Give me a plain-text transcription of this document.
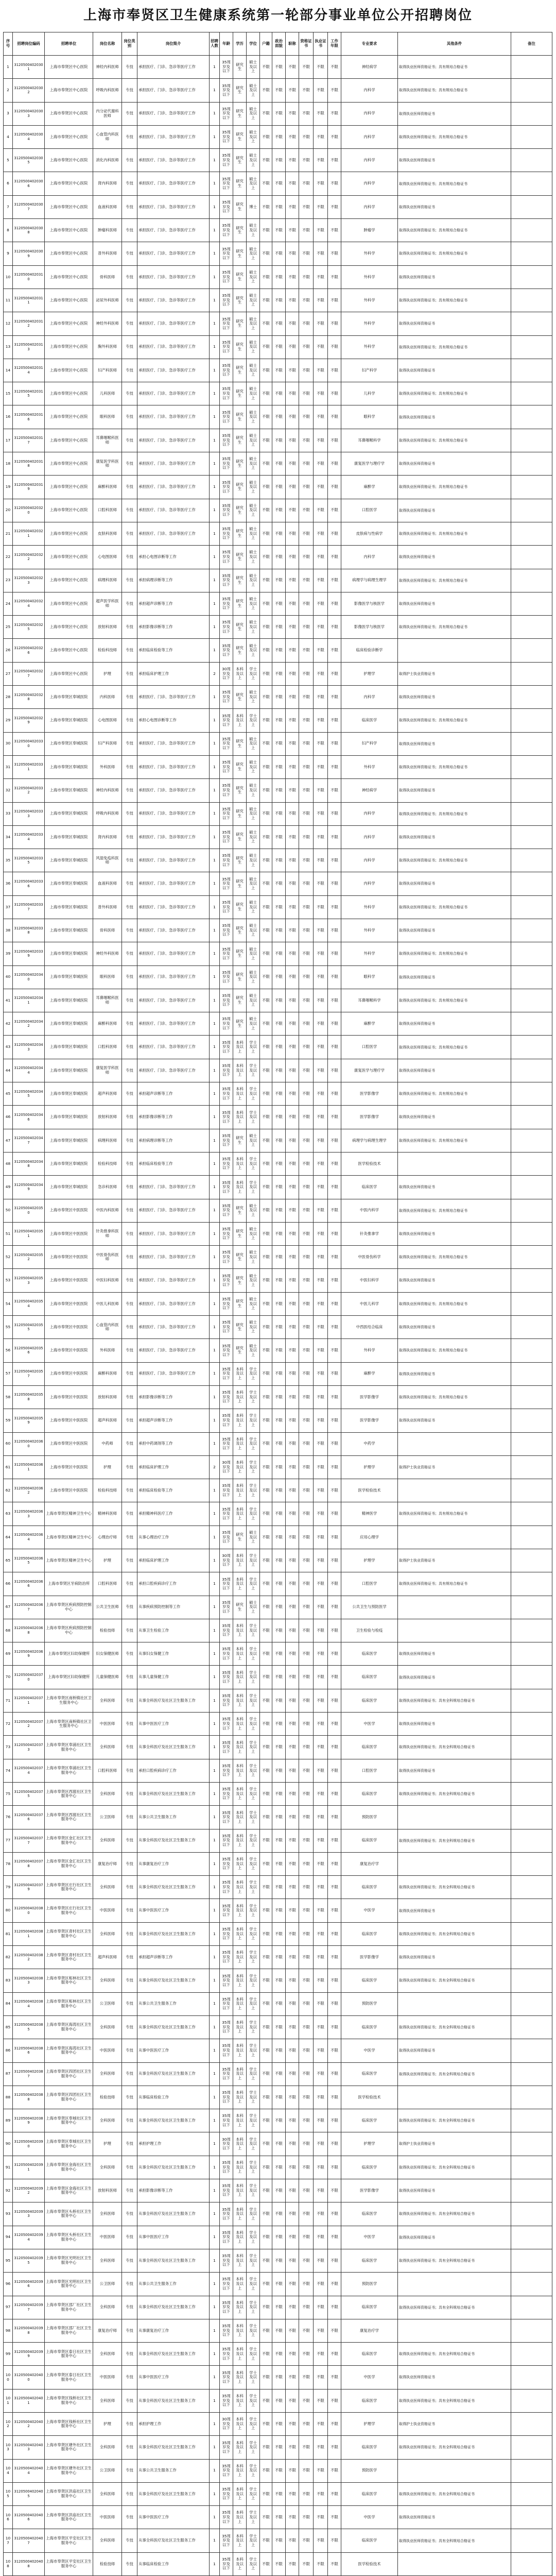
上海市奉贤区卫生健康系统第一轮部分事业单位公开招聘岗位
序号	招聘岗位编码	招聘单位	岗位名称	岗位类别	岗位简介	招聘人数	年龄	学历	学位	户籍	政治面貌	职称	资格证书	执业证书	工作年限	专业要求	其他条件	备注
1	31205004020301	上海市奉贤区中心医院	神经内科医师	专技	承担医疗、门诊、急诊等医疗工作	1	35周岁及以下	研究生	硕士及以上	不限	不限	不限	不限	不限	不限	神经病学	取得执业医师资格证书；具有规培合格证书	
2	31205004020302	上海市奉贤区中心医院	呼吸内科医师	专技	承担医疗、门诊、急诊等医疗工作	1	35周岁及以下	研究生	硕士及以上	不限	不限	不限	不限	不限	不限	内科学	取得执业医师资格证书；具有规培合格证书	
3	31205004020303	上海市奉贤区中心医院	内分泌代谢科医师	专技	承担医疗、门诊、急诊等医疗工作	1	35周岁及以下	研究生	硕士及以上	不限	不限	不限	不限	不限	不限	内科学	取得执业医师资格证书	
4	31205004020304	上海市奉贤区中心医院	心血管内科医师	专技	承担医疗、门诊、急诊等医疗工作	1	35周岁及以下	研究生	硕士及以上	不限	不限	不限	不限	不限	不限	内科学	取得执业医师资格证书；具有规培合格证书	
5	31205004020305	上海市奉贤区中心医院	消化内科医师	专技	承担医疗、门诊、急诊等医疗工作	1	35周岁及以下	研究生	硕士及以上	不限	不限	不限	不限	不限	不限	内科学	取得执业医师资格证书	
6	31205004020306	上海市奉贤区中心医院	肾内科医师	专技	承担医疗、门诊、急诊等医疗工作	1	35周岁及以下	研究生	硕士及以上	不限	不限	不限	不限	不限	不限	内科学	取得执业医师资格证书；具有规培合格证书	
7	31205004020307	上海市奉贤区中心医院	血液科医师	专技	承担医疗、门诊、急诊等医疗工作	1	35周岁及以下	研究生	博士	不限	不限	不限	不限	不限	不限	内科学	取得执业医师资格证书	
8	31205004020308	上海市奉贤区中心医院	肿瘤科医师	专技	承担医疗、门诊、急诊等医疗工作	1	35周岁及以下	研究生	硕士及以上	不限	不限	不限	不限	不限	不限	肿瘤学	取得执业医师资格证书；具有规培合格证书	
9	31205004020309	上海市奉贤区中心医院	普外科医师	专技	承担医疗、门诊、急诊等医疗工作	1	35周岁及以下	研究生	硕士及以上	不限	不限	不限	不限	不限	不限	外科学	取得执业医师资格证书；具有规培合格证书	
10	31205004020310	上海市奉贤区中心医院	骨科医师	专技	承担医疗、门诊、急诊等医疗工作	1	35周岁及以下	研究生	硕士及以上	不限	不限	不限	不限	不限	不限	外科学	取得执业医师资格证书	
11	31205004020311	上海市奉贤区中心医院	泌尿外科医师	专技	承担医疗、门诊、急诊等医疗工作	1	35周岁及以下	研究生	硕士及以上	不限	不限	不限	不限	不限	不限	外科学	取得执业医师资格证书；具有规培合格证书	
12	31205004020312	上海市奉贤区中心医院	神经外科医师	专技	承担医疗、门诊、急诊等医疗工作	1	35周岁及以下	研究生	硕士及以上	不限	不限	不限	不限	不限	不限	外科学	取得执业医师资格证书	
13	31205004020313	上海市奉贤区中心医院	胸外科医师	专技	承担医疗、门诊、急诊等医疗工作	1	35周岁及以下	研究生	硕士及以上	不限	不限	不限	不限	不限	不限	外科学	取得执业医师资格证书；具有规培合格证书	
14	31205004020314	上海市奉贤区中心医院	妇产科医师	专技	承担医疗、门诊、急诊等医疗工作	1	35周岁及以下	研究生	硕士及以上	不限	不限	不限	不限	不限	不限	妇产科学	取得执业医师资格证书	
15	31205004020315	上海市奉贤区中心医院	儿科医师	专技	承担医疗、门诊、急诊等医疗工作	1	35周岁及以下	研究生	硕士及以上	不限	不限	不限	不限	不限	不限	儿科学	取得执业医师资格证书；具有规培合格证书	
16	31205004020316	上海市奉贤区中心医院	眼科医师	专技	承担医疗、门诊、急诊等医疗工作	1	35周岁及以下	研究生	硕士及以上	不限	不限	不限	不限	不限	不限	眼科学	取得执业医师资格证书	
17	31205004020317	上海市奉贤区中心医院	耳鼻咽喉科医师	专技	承担医疗、门诊、急诊等医疗工作	1	35周岁及以下	研究生	硕士及以上	不限	不限	不限	不限	不限	不限	耳鼻咽喉科学	取得执业医师资格证书；具有规培合格证书	
18	31205004020318	上海市奉贤区中心医院	康复医学科医师	专技	承担医疗、门诊、急诊等医疗工作	1	35周岁及以下	研究生	硕士及以上	不限	不限	不限	不限	不限	不限	康复医学与理疗学	取得执业医师资格证书	
19	31205004020319	上海市奉贤区中心医院	麻醉科医师	专技	承担医疗、门诊、急诊等医疗工作	1	35周岁及以下	研究生	硕士及以上	不限	不限	不限	不限	不限	不限	麻醉学	取得执业医师资格证书；具有规培合格证书	
20	31205004020320	上海市奉贤区中心医院	口腔科医师	专技	承担医疗、门诊、急诊等医疗工作	1	35周岁及以下	研究生	硕士及以上	不限	不限	不限	不限	不限	不限	口腔医学	取得执业医师资格证书	
21	31205004020321	上海市奉贤区中心医院	皮肤科医师	专技	承担医疗、门诊、急诊等医疗工作	1	35周岁及以下	研究生	硕士及以上	不限	不限	不限	不限	不限	不限	皮肤病与性病学	取得执业医师资格证书；具有规培合格证书	
22	31205004020322	上海市奉贤区中心医院	心电图医师	专技	承担心电图诊断等工作	1	35周岁及以下	研究生	硕士及以上	不限	不限	不限	不限	不限	不限	内科学	取得执业医师资格证书	
23	31205004020323	上海市奉贤区中心医院	病理科医师	专技	承担病理诊断等工作	1	35周岁及以下	研究生	硕士及以上	不限	不限	不限	不限	不限	不限	病理学与病理生理学	取得执业医师资格证书；具有规培合格证书	
24	31205004020324	上海市奉贤区中心医院	超声医学科医师	专技	承担超声诊断等工作	1	35周岁及以下	研究生	硕士及以上	不限	不限	不限	不限	不限	不限	影像医学与核医学	取得执业医师资格证书	
25	31205004020325	上海市奉贤区中心医院	放射科医师	专技	承担影像诊断等工作	1	35周岁及以下	研究生	硕士及以上	不限	不限	不限	不限	不限	不限	影像医学与核医学	取得执业医师资格证书；具有规培合格证书	
26	31205004020326	上海市奉贤区中心医院	检验科技师	专技	承担临床检验等工作	1	35周岁及以下	研究生	硕士及以上	不限	不限	不限	不限	不限	不限	临床检验诊断学		
27	31205004020327	上海市奉贤区中心医院	护理	专技	承担临床护理工作	2	30周岁及以下	本科及以上	学士及以上	不限	不限	不限	不限	不限	不限	护理学	取得护士执业资格证书	
28	31205004020328	上海市奉贤区奉城医院	内科医师	专技	承担医疗、门诊、急诊等医疗工作	1	35周岁及以下	研究生	硕士及以上	不限	不限	不限	不限	不限	不限	内科学	取得执业医师资格证书	
29	31205004020329	上海市奉贤区奉城医院	心电图医师	专技	承担心电图诊断等工作	1	35周岁及以下	本科及以上	学士及以上	不限	不限	不限	不限	不限	不限	临床医学	取得执业医师资格证书；具有规培合格证书	
30	31205004020330	上海市奉贤区奉城医院	妇产科医师	专技	承担医疗、门诊、急诊等医疗工作	1	35周岁及以下	研究生	硕士及以上	不限	不限	不限	不限	不限	不限	妇产科学	取得执业医师资格证书	
31	31205004020331	上海市奉贤区奉城医院	外科医师	专技	承担医疗、门诊、急诊等医疗工作	1	35周岁及以下	研究生	硕士及以上	不限	不限	不限	不限	不限	不限	外科学	取得执业医师资格证书；具有规培合格证书	
32	31205004020332	上海市奉贤区奉城医院	神经内科医师	专技	承担医疗、门诊、急诊等医疗工作	1	35周岁及以下	研究生	硕士及以上	不限	不限	不限	不限	不限	不限	神经病学	取得执业医师资格证书	
33	31205004020333	上海市奉贤区奉城医院	呼吸内科医师	专技	承担医疗、门诊、急诊等医疗工作	1	35周岁及以下	研究生	硕士及以上	不限	不限	不限	不限	不限	不限	内科学	取得执业医师资格证书；具有规培合格证书	
34	31205004020334	上海市奉贤区奉城医院	肾内科医师	专技	承担医疗、门诊、急诊等医疗工作	1	35周岁及以下	研究生	硕士及以上	不限	不限	不限	不限	不限	不限	内科学	取得执业医师资格证书	
35	31205004020335	上海市奉贤区奉城医院	风湿免疫科医师	专技	承担医疗、门诊、急诊等医疗工作	1	35周岁及以下	研究生	硕士及以上	不限	不限	不限	不限	不限	不限	内科学	取得执业医师资格证书；具有规培合格证书	
36	31205004020336	上海市奉贤区奉城医院	血液科医师	专技	承担医疗、门诊、急诊等医疗工作	1	35周岁及以下	研究生	硕士及以上	不限	不限	不限	不限	不限	不限	内科学	取得执业医师资格证书	
37	31205004020337	上海市奉贤区奉城医院	普外科医师	专技	承担医疗、门诊、急诊等医疗工作	1	35周岁及以下	研究生	硕士及以上	不限	不限	不限	不限	不限	不限	外科学	取得执业医师资格证书；具有规培合格证书	
38	31205004020338	上海市奉贤区奉城医院	骨科医师	专技	承担医疗、门诊、急诊等医疗工作	1	35周岁及以下	研究生	硕士及以上	不限	不限	不限	不限	不限	不限	外科学	取得执业医师资格证书	
39	31205004020339	上海市奉贤区奉城医院	神经外科医师	专技	承担医疗、门诊、急诊等医疗工作	1	35周岁及以下	研究生	硕士及以上	不限	不限	不限	不限	不限	不限	外科学	取得执业医师资格证书；具有规培合格证书	
40	31205004020340	上海市奉贤区奉城医院	眼科医师	专技	承担医疗、门诊、急诊等医疗工作	1	35周岁及以下	研究生	硕士及以上	不限	不限	不限	不限	不限	不限	眼科学	取得执业医师资格证书	
41	31205004020341	上海市奉贤区奉城医院	耳鼻咽喉科医师	专技	承担医疗、门诊、急诊等医疗工作	1	35周岁及以下	研究生	硕士及以上	不限	不限	不限	不限	不限	不限	耳鼻咽喉科学	取得执业医师资格证书；具有规培合格证书	
42	31205004020342	上海市奉贤区奉城医院	麻醉科医师	专技	承担医疗、门诊、急诊等医疗工作	1	35周岁及以下	研究生	硕士及以上	不限	不限	不限	不限	不限	不限	麻醉学	取得执业医师资格证书	
43	31205004020343	上海市奉贤区奉城医院	口腔科医师	专技	承担医疗、门诊、急诊等医疗工作	1	35周岁及以下	本科及以上	学士及以上	不限	不限	不限	不限	不限	不限	口腔医学	取得执业医师资格证书；具有规培合格证书	
44	31205004020344	上海市奉贤区奉城医院	康复医学科医师	专技	承担医疗、门诊、急诊等医疗工作	1	35周岁及以下	本科及以上	学士及以上	不限	不限	不限	不限	不限	不限	康复医学与理疗学	取得执业医师资格证书	
45	31205004020345	上海市奉贤区奉城医院	超声科医师	专技	承担超声诊断等工作	1	35周岁及以下	本科及以上	学士及以上	不限	不限	不限	不限	不限	不限	医学影像学	取得执业医师资格证书；具有规培合格证书	
46	31205004020346	上海市奉贤区奉城医院	放射科医师	专技	承担影像诊断等工作	1	35周岁及以下	本科及以上	学士及以上	不限	不限	不限	不限	不限	不限	医学影像学	取得执业医师资格证书	
47	31205004020347	上海市奉贤区奉城医院	病理科医师	专技	承担病理诊断等工作	1	35周岁及以下	研究生	硕士及以上	不限	不限	不限	不限	不限	不限	病理学与病理生理学	取得执业医师资格证书；具有规培合格证书	
48	31205004020348	上海市奉贤区奉城医院	检验科技师	专技	承担临床检验等工作	1	35周岁及以下	本科及以上	学士及以上	不限	不限	不限	不限	不限	不限	医学检验技术		
49	31205004020349	上海市奉贤区奉城医院	急诊科医师	专技	承担医疗、门诊、急诊等医疗工作	1	35周岁及以下	本科及以上	学士及以上	不限	不限	不限	不限	不限	不限	临床医学	取得执业医师资格证书	
50	31205004020350	上海市奉贤区中医医院	中医内科医师	专技	承担医疗、门诊、急诊等医疗工作	1	35周岁及以下	研究生	硕士及以上	不限	不限	不限	不限	不限	不限	中医内科学	取得执业医师资格证书；具有规培合格证书	
51	31205004020351	上海市奉贤区中医医院	针灸推拿科医师	专技	承担医疗、门诊、急诊等医疗工作	1	35周岁及以下	研究生	硕士及以上	不限	不限	不限	不限	不限	不限	针灸推拿学	取得执业医师资格证书	
52	31205004020352	上海市奉贤区中医医院	中医骨伤科医师	专技	承担医疗、门诊、急诊等医疗工作	1	35周岁及以下	研究生	硕士及以上	不限	不限	不限	不限	不限	不限	中医骨伤科学	取得执业医师资格证书；具有规培合格证书	
53	31205004020353	上海市奉贤区中医医院	中医妇科医师	专技	承担医疗、门诊、急诊等医疗工作	1	35周岁及以下	研究生	硕士及以上	不限	不限	不限	不限	不限	不限	中医妇科学	取得执业医师资格证书	
54	31205004020354	上海市奉贤区中医医院	中医儿科医师	专技	承担医疗、门诊、急诊等医疗工作	1	35周岁及以下	研究生	硕士及以上	不限	不限	不限	不限	不限	不限	中医儿科学	取得执业医师资格证书；具有规培合格证书	
55	31205004020355	上海市奉贤区中医医院	心血管内科医师	专技	承担医疗、门诊、急诊等医疗工作	1	35周岁及以下	研究生	硕士及以上	不限	不限	不限	不限	不限	不限	中西医结合临床	取得执业医师资格证书	
56	31205004020356	上海市奉贤区中医医院	外科医师	专技	承担医疗、门诊、急诊等医疗工作	1	35周岁及以下	研究生	硕士及以上	不限	不限	不限	不限	不限	不限	外科学	取得执业医师资格证书；具有规培合格证书	
57	31205004020357	上海市奉贤区中医医院	麻醉科医师	专技	承担医疗、门诊、急诊等医疗工作	1	35周岁及以下	本科及以上	学士及以上	不限	不限	不限	不限	不限	不限	麻醉学	取得执业医师资格证书	
58	31205004020358	上海市奉贤区中医医院	放射科医师	专技	承担影像诊断等工作	1	35周岁及以下	本科及以上	学士及以上	不限	不限	不限	不限	不限	不限	医学影像学	取得执业医师资格证书；具有规培合格证书	
59	31205004020359	上海市奉贤区中医医院	超声科医师	专技	承担超声诊断等工作	1	35周岁及以下	本科及以上	学士及以上	不限	不限	不限	不限	不限	不限	医学影像学	取得执业医师资格证书	
60	31205004020360	上海市奉贤区中医医院	中药师	专技	承担中药调剂等工作	1	35周岁及以下	本科及以上	学士及以上	不限	不限	不限	不限	不限	不限	中药学		
61	31205004020361	上海市奉贤区中医医院	护理	专技	承担临床护理工作	2	30周岁及以下	本科及以上	学士及以上	不限	不限	不限	不限	不限	不限	护理学	取得护士执业资格证书	
62	31205004020362	上海市奉贤区中医医院	检验科技师	专技	承担临床检验等工作	1	35周岁及以下	本科及以上	学士及以上	不限	不限	不限	不限	不限	不限	医学检验技术		
63	31205004020363	上海市奉贤区精神卫生中心	精神科医师	专技	承担精神科医疗工作	1	35周岁及以下	本科及以上	学士及以上	不限	不限	不限	不限	不限	不限	精神医学	取得执业医师资格证书；具有规培合格证书	
64	31205004020364	上海市奉贤区精神卫生中心	心理治疗师	专技	从事心理治疗工作	1	35周岁及以下	研究生	硕士及以上	不限	不限	不限	不限	不限	不限	应用心理学		
65	31205004020365	上海市奉贤区精神卫生中心	护理	专技	承担临床护理工作	1	30周岁及以下	本科及以上	学士及以上	不限	不限	不限	不限	不限	不限	护理学	取得护士执业资格证书	
66	31205004020366	上海市奉贤区牙病防治所	口腔科医师	专技	承担口腔疾病诊疗工作	1	35周岁及以下	本科及以上	学士及以上	不限	不限	不限	不限	不限	不限	口腔医学	取得执业医师资格证书；具有规培合格证书	
67	31205004020367	上海市奉贤区疾病预防控制中心	公共卫生医师	专技	从事疾病预防控制等工作	1	35周岁及以下	研究生	硕士及以上	不限	不限	不限	不限	不限	不限	公共卫生与预防医学		
68	31205004020368	上海市奉贤区疾病预防控制中心	检验技师	专技	从事卫生检验工作	1	35周岁及以下	本科及以上	学士及以上	不限	不限	不限	不限	不限	不限	卫生检验与检疫		
69	31205004020369	上海市奉贤区妇幼保健所	妇女保健医师	专技	从事妇女保健工作	1	35周岁及以下	本科及以上	学士及以上	不限	不限	不限	不限	不限	不限	临床医学	取得执业医师资格证书	
70	31205004020370	上海市奉贤区妇幼保健所	儿童保健医师	专技	从事儿童保健工作	1	35周岁及以下	本科及以上	学士及以上	不限	不限	不限	不限	不限	不限	临床医学	取得执业医师资格证书	
71	31205004020371	上海市奉贤区南桥镇社区卫生服务中心	全科医师	专技	从事全科医疗及社区卫生服务工作	1	35周岁及以下	本科及以上	学士及以上	不限	不限	不限	不限	不限	不限	临床医学	取得执业医师资格证书；具有全科规培合格证书	
72	31205004020372	上海市奉贤区南桥镇社区卫生服务中心	中医医师	专技	从事中医医疗工作	1	35周岁及以下	本科及以上	学士及以上	不限	不限	不限	不限	不限	不限	中医学	取得执业医师资格证书	
73	31205004020373	上海市奉贤区奉浦社区卫生服务中心	全科医师	专技	从事全科医疗及社区卫生服务工作	1	35周岁及以下	本科及以上	学士及以上	不限	不限	不限	不限	不限	不限	临床医学	取得执业医师资格证书；具有全科规培合格证书	
74	31205004020374	上海市奉贤区奉浦社区卫生服务中心	口腔科医师	专技	承担口腔疾病诊疗工作	1	35周岁及以下	本科及以上	学士及以上	不限	不限	不限	不限	不限	不限	口腔医学	取得执业医师资格证书	
75	31205004020375	上海市奉贤区西渡社区卫生服务中心	全科医师	专技	从事全科医疗及社区卫生服务工作	1	35周岁及以下	本科及以上	学士及以上	不限	不限	不限	不限	不限	不限	临床医学	取得执业医师资格证书；具有全科规培合格证书	
76	31205004020376	上海市奉贤区西渡社区卫生服务中心	公卫医师	专技	从事公共卫生服务工作	1	35周岁及以下	本科及以上	学士及以上	不限	不限	不限	不限	不限	不限	预防医学		
77	31205004020377	上海市奉贤区金汇社区卫生服务中心	全科医师	专技	从事全科医疗及社区卫生服务工作	1	35周岁及以下	本科及以上	学士及以上	不限	不限	不限	不限	不限	不限	临床医学	取得执业医师资格证书；具有全科规培合格证书	
78	31205004020378	上海市奉贤区金汇社区卫生服务中心	康复治疗师	专技	从事康复治疗工作	1	35周岁及以下	本科及以上	学士及以上	不限	不限	不限	不限	不限	不限	康复治疗学		
79	31205004020379	上海市奉贤区庄行社区卫生服务中心	全科医师	专技	从事全科医疗及社区卫生服务工作	1	35周岁及以下	本科及以上	学士及以上	不限	不限	不限	不限	不限	不限	临床医学	取得执业医师资格证书；具有全科规培合格证书	
80	31205004020380	上海市奉贤区庄行社区卫生服务中心	中医医师	专技	从事中医医疗工作	1	35周岁及以下	本科及以上	学士及以上	不限	不限	不限	不限	不限	不限	中医学	取得执业医师资格证书	
81	31205004020381	上海市奉贤区青村社区卫生服务中心	全科医师	专技	从事全科医疗及社区卫生服务工作	1	35周岁及以下	本科及以上	学士及以上	不限	不限	不限	不限	不限	不限	临床医学	取得执业医师资格证书；具有全科规培合格证书	
82	31205004020382	上海市奉贤区青村社区卫生服务中心	超声科医师	专技	承担超声诊断等工作	1	35周岁及以下	本科及以上	学士及以上	不限	不限	不限	不限	不限	不限	医学影像学	取得执业医师资格证书	
83	31205004020383	上海市奉贤区柘林社区卫生服务中心	全科医师	专技	从事全科医疗及社区卫生服务工作	1	35周岁及以下	本科及以上	学士及以上	不限	不限	不限	不限	不限	不限	临床医学	取得执业医师资格证书；具有全科规培合格证书	
84	31205004020384	上海市奉贤区柘林社区卫生服务中心	公卫医师	专技	从事公共卫生服务工作	1	35周岁及以下	本科及以上	学士及以上	不限	不限	不限	不限	不限	不限	预防医学		
85	31205004020385	上海市奉贤区海湾社区卫生服务中心	全科医师	专技	从事全科医疗及社区卫生服务工作	1	35周岁及以下	本科及以上	学士及以上	不限	不限	不限	不限	不限	不限	临床医学	取得执业医师资格证书；具有全科规培合格证书	
86	31205004020386	上海市奉贤区海湾社区卫生服务中心	中医医师	专技	从事中医医疗工作	1	35周岁及以下	本科及以上	学士及以上	不限	不限	不限	不限	不限	不限	中医学	取得执业医师资格证书	
87	31205004020387	上海市奉贤区四团社区卫生服务中心	全科医师	专技	从事全科医疗及社区卫生服务工作	1	35周岁及以下	本科及以上	学士及以上	不限	不限	不限	不限	不限	不限	临床医学	取得执业医师资格证书；具有全科规培合格证书	
88	31205004020388	上海市奉贤区四团社区卫生服务中心	检验技师	专技	从事临床检验工作	1	35周岁及以下	本科及以上	学士及以上	不限	不限	不限	不限	不限	不限	医学检验技术		
89	31205004020389	上海市奉贤区奉城社区卫生服务中心	全科医师	专技	从事全科医疗及社区卫生服务工作	1	35周岁及以下	本科及以上	学士及以上	不限	不限	不限	不限	不限	不限	临床医学	取得执业医师资格证书；具有全科规培合格证书	
90	31205004020390	上海市奉贤区奉城社区卫生服务中心	护理	专技	承担护理工作	1	30周岁及以下	本科及以上	学士及以上	不限	不限	不限	不限	不限	不限	护理学	取得护士执业资格证书	
91	31205004020391	上海市奉贤区金海社区卫生服务中心	全科医师	专技	从事全科医疗及社区卫生服务工作	1	35周岁及以下	本科及以上	学士及以上	不限	不限	不限	不限	不限	不限	临床医学	取得执业医师资格证书；具有全科规培合格证书	
92	31205004020392	上海市奉贤区金海社区卫生服务中心	放射科医师	专技	承担影像诊断等工作	1	35周岁及以下	本科及以上	学士及以上	不限	不限	不限	不限	不限	不限	医学影像学	取得执业医师资格证书	
93	31205004020393	上海市奉贤区头桥社区卫生服务中心	全科医师	专技	从事全科医疗及社区卫生服务工作	1	35周岁及以下	本科及以上	学士及以上	不限	不限	不限	不限	不限	不限	临床医学	取得执业医师资格证书；具有全科规培合格证书	
94	31205004020394	上海市奉贤区头桥社区卫生服务中心	中医医师	专技	从事中医医疗工作	1	35周岁及以下	本科及以上	学士及以上	不限	不限	不限	不限	不限	不限	中医学	取得执业医师资格证书	
95	31205004020395	上海市奉贤区光明社区卫生服务中心	全科医师	专技	从事全科医疗及社区卫生服务工作	1	35周岁及以下	本科及以上	学士及以上	不限	不限	不限	不限	不限	不限	临床医学	取得执业医师资格证书；具有全科规培合格证书	
96	31205004020396	上海市奉贤区光明社区卫生服务中心	公卫医师	专技	从事公共卫生服务工作	1	35周岁及以下	本科及以上	学士及以上	不限	不限	不限	不限	不限	不限	预防医学		
97	31205004020397	上海市奉贤区邵厂社区卫生服务中心	全科医师	专技	从事全科医疗及社区卫生服务工作	1	35周岁及以下	本科及以上	学士及以上	不限	不限	不限	不限	不限	不限	临床医学	取得执业医师资格证书；具有全科规培合格证书	
98	31205004020398	上海市奉贤区邵厂社区卫生服务中心	康复治疗师	专技	从事康复治疗工作	1	35周岁及以下	本科及以上	学士及以上	不限	不限	不限	不限	不限	不限	康复治疗学		
99	31205004020399	上海市奉贤区泰日社区卫生服务中心	全科医师	专技	从事全科医疗及社区卫生服务工作	1	35周岁及以下	本科及以上	学士及以上	不限	不限	不限	不限	不限	不限	临床医学	取得执业医师资格证书；具有全科规培合格证书	
100	31205004020400	上海市奉贤区泰日社区卫生服务中心	中医医师	专技	从事中医医疗工作	1	35周岁及以下	本科及以上	学士及以上	不限	不限	不限	不限	不限	不限	中医学	取得执业医师资格证书	
101	31205004020401	上海市奉贤区钱桥社区卫生服务中心	全科医师	专技	从事全科医疗及社区卫生服务工作	1	35周岁及以下	本科及以上	学士及以上	不限	不限	不限	不限	不限	不限	临床医学	取得执业医师资格证书；具有全科规培合格证书	
102	31205004020402	上海市奉贤区钱桥社区卫生服务中心	护理	专技	承担护理工作	1	30周岁及以下	本科及以上	学士及以上	不限	不限	不限	不限	不限	不限	护理学	取得护士执业资格证书	
103	31205004020403	上海市奉贤区塘外社区卫生服务中心	全科医师	专技	从事全科医疗及社区卫生服务工作	1	35周岁及以下	本科及以上	学士及以上	不限	不限	不限	不限	不限	不限	临床医学	取得执业医师资格证书；具有全科规培合格证书	
104	31205004020404	上海市奉贤区塘外社区卫生服务中心	公卫医师	专技	从事公共卫生服务工作	1	35周岁及以下	本科及以上	学士及以上	不限	不限	不限	不限	不限	不限	预防医学		
105	31205004020405	上海市奉贤区洪庙社区卫生服务中心	全科医师	专技	从事全科医疗及社区卫生服务工作	1	35周岁及以下	本科及以上	学士及以上	不限	不限	不限	不限	不限	不限	临床医学	取得执业医师资格证书；具有全科规培合格证书	
106	31205004020406	上海市奉贤区洪庙社区卫生服务中心	中医医师	专技	从事中医医疗工作	1	35周岁及以下	本科及以上	学士及以上	不限	不限	不限	不限	不限	不限	中医学	取得执业医师资格证书	
107	31205004020407	上海市奉贤区平安社区卫生服务中心	全科医师	专技	从事全科医疗及社区卫生服务工作	1	35周岁及以下	本科及以上	学士及以上	不限	不限	不限	不限	不限	不限	临床医学	取得执业医师资格证书；具有全科规培合格证书	
108	31205004020408	上海市奉贤区平安社区卫生服务中心	检验技师	专技	从事临床检验工作	1	35周岁及以下	本科及以上	学士及以上	不限	不限	不限	不限	不限	不限	医学检验技术		
